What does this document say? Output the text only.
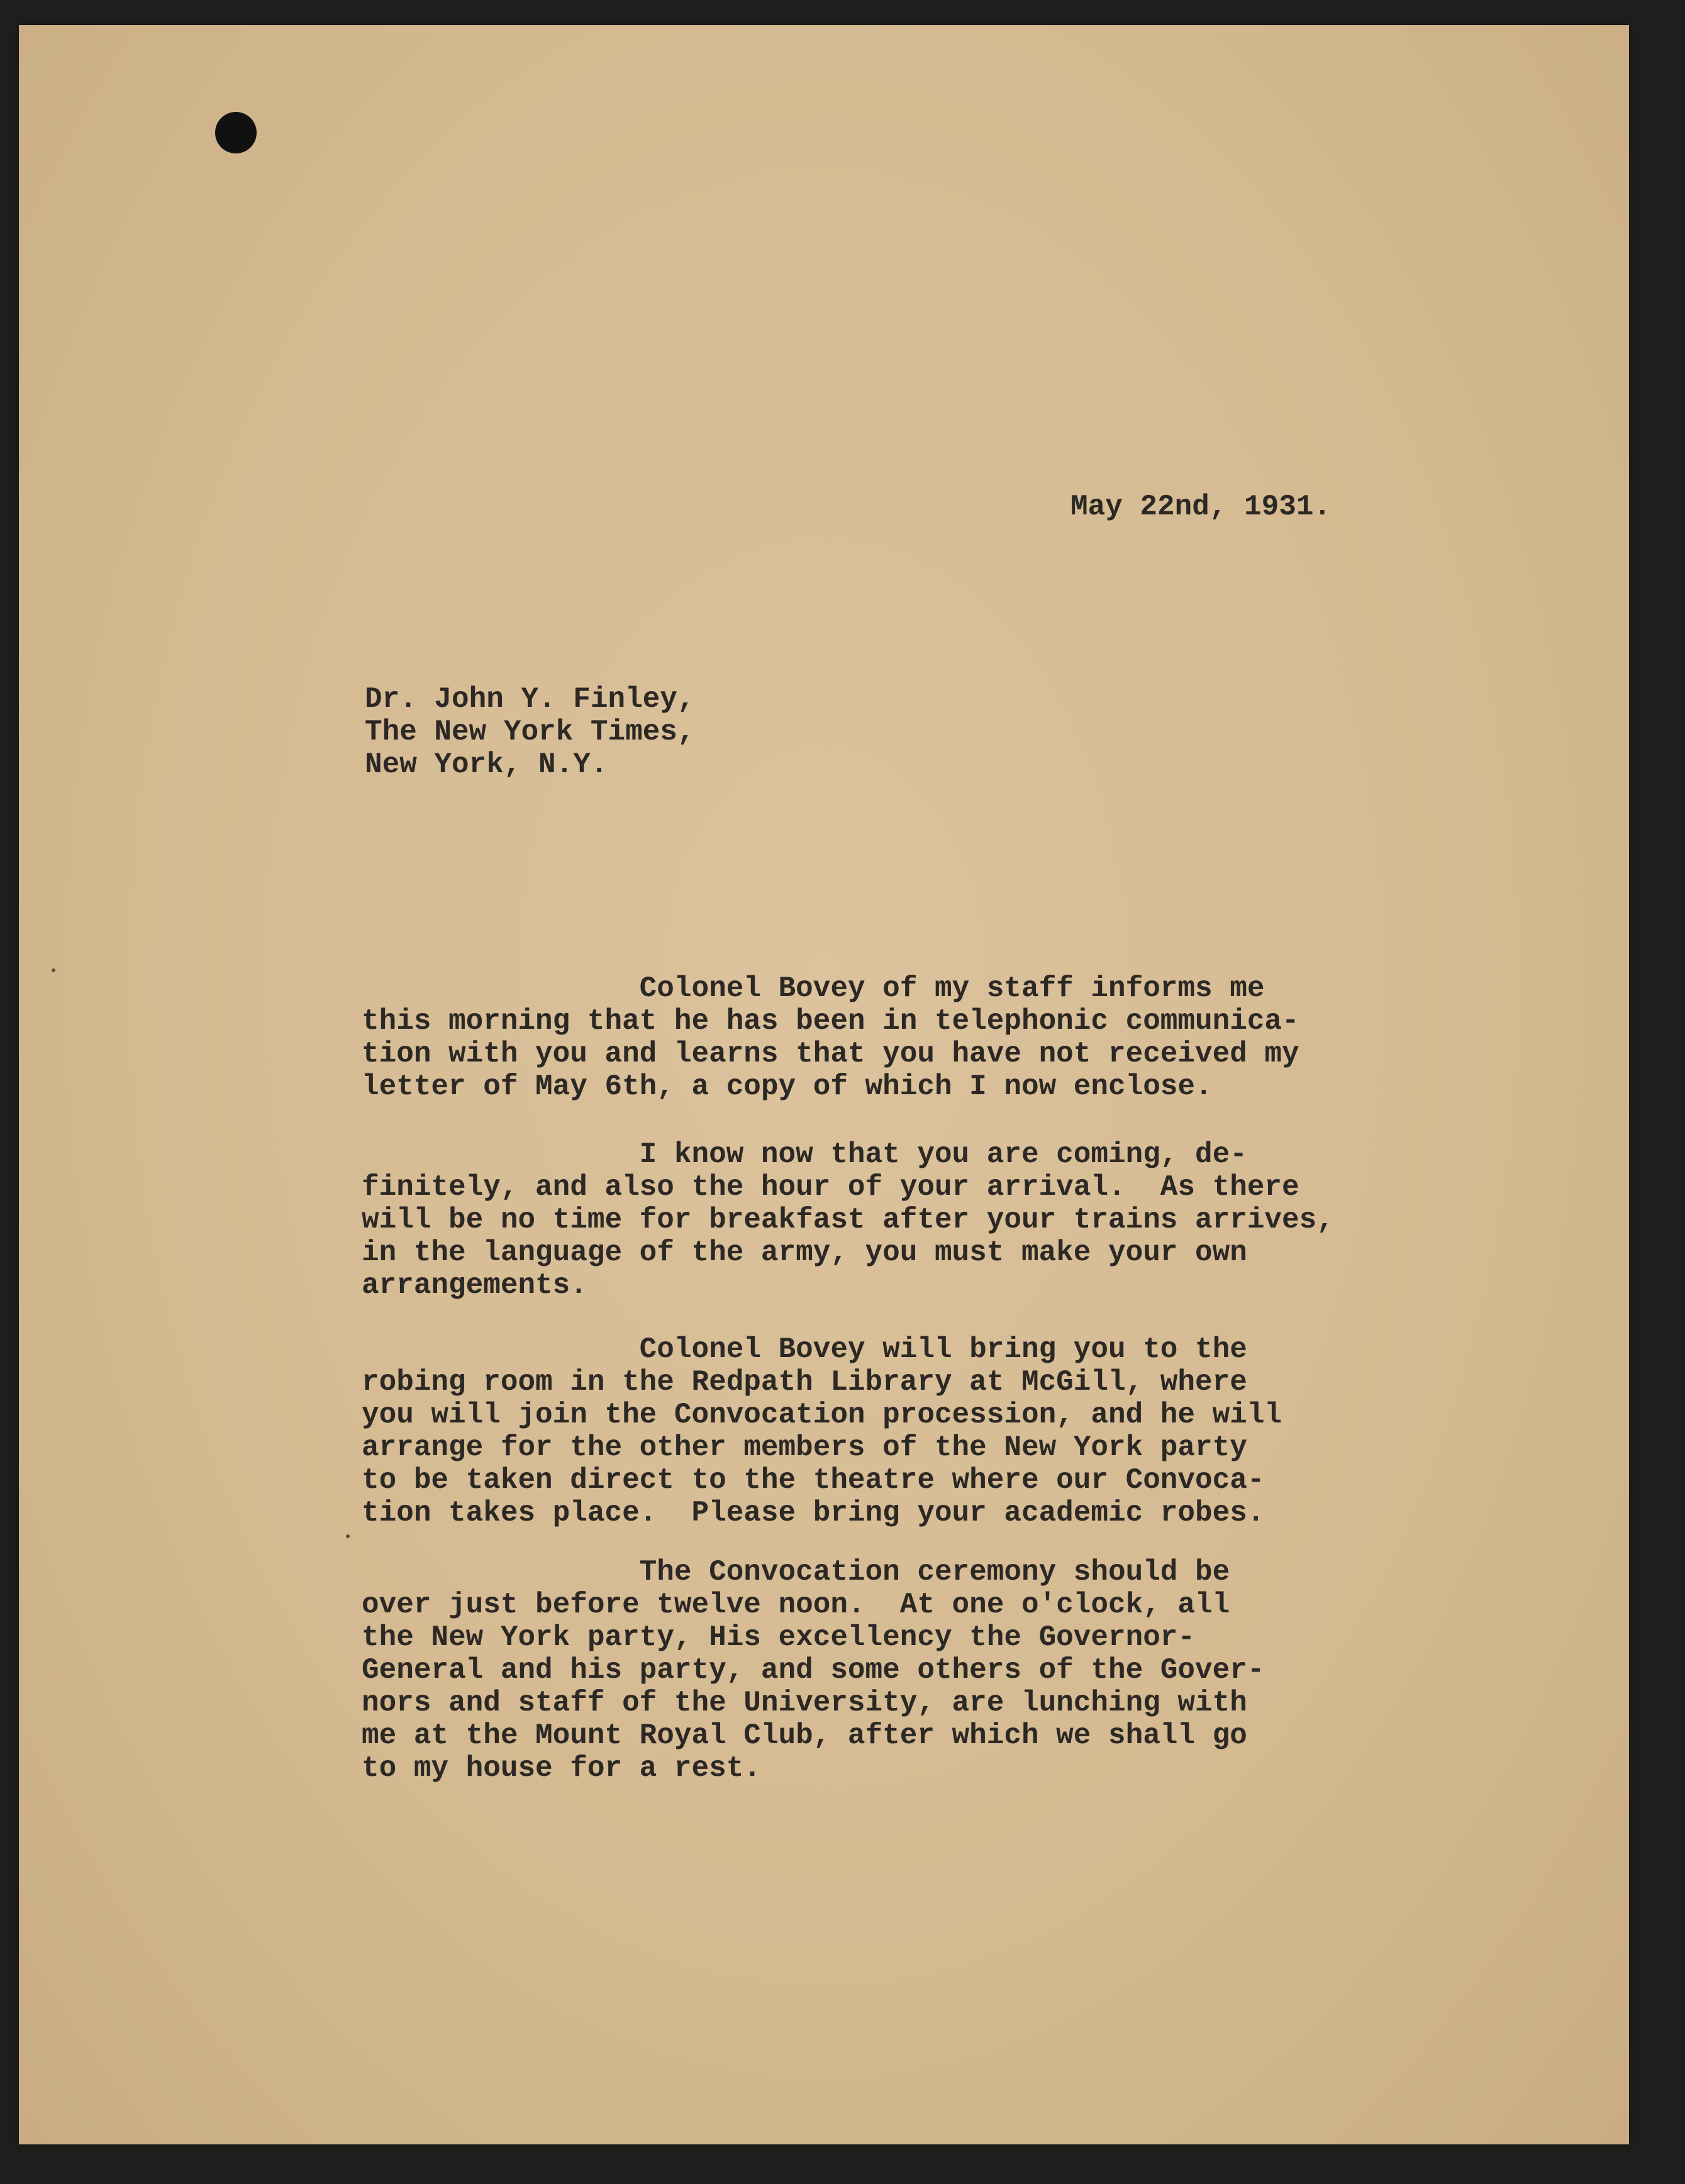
May 22nd, 1931.
Dr. John Y. Finley,
The New York Times,
New York, N.Y.
Colonel Bovey of my staff informs me
this morning that he has been in telephonic communica-
tion with you and learns that you have not received my
letter of May 6th, a copy of which I now enclose.
I know now that you are coming, de-
finitely, and also the hour of your arrival.  As there
will be no time for breakfast after your trains arrives,
in the language of the army, you must make your own
arrangements.
Colonel Bovey will bring you to the
robing room in the Redpath Library at McGill, where
you will join the Convocation procession, and he will
arrange for the other members of the New York party
to be taken direct to the theatre where our Convoca-
tion takes place.  Please bring your academic robes.
The Convocation ceremony should be
over just before twelve noon.  At one o'clock, all
the New York party, His excellency the Governor-
General and his party, and some others of the Gover-
nors and staff of the University, are lunching with
me at the Mount Royal Club, after which we shall go
to my house for a rest.
